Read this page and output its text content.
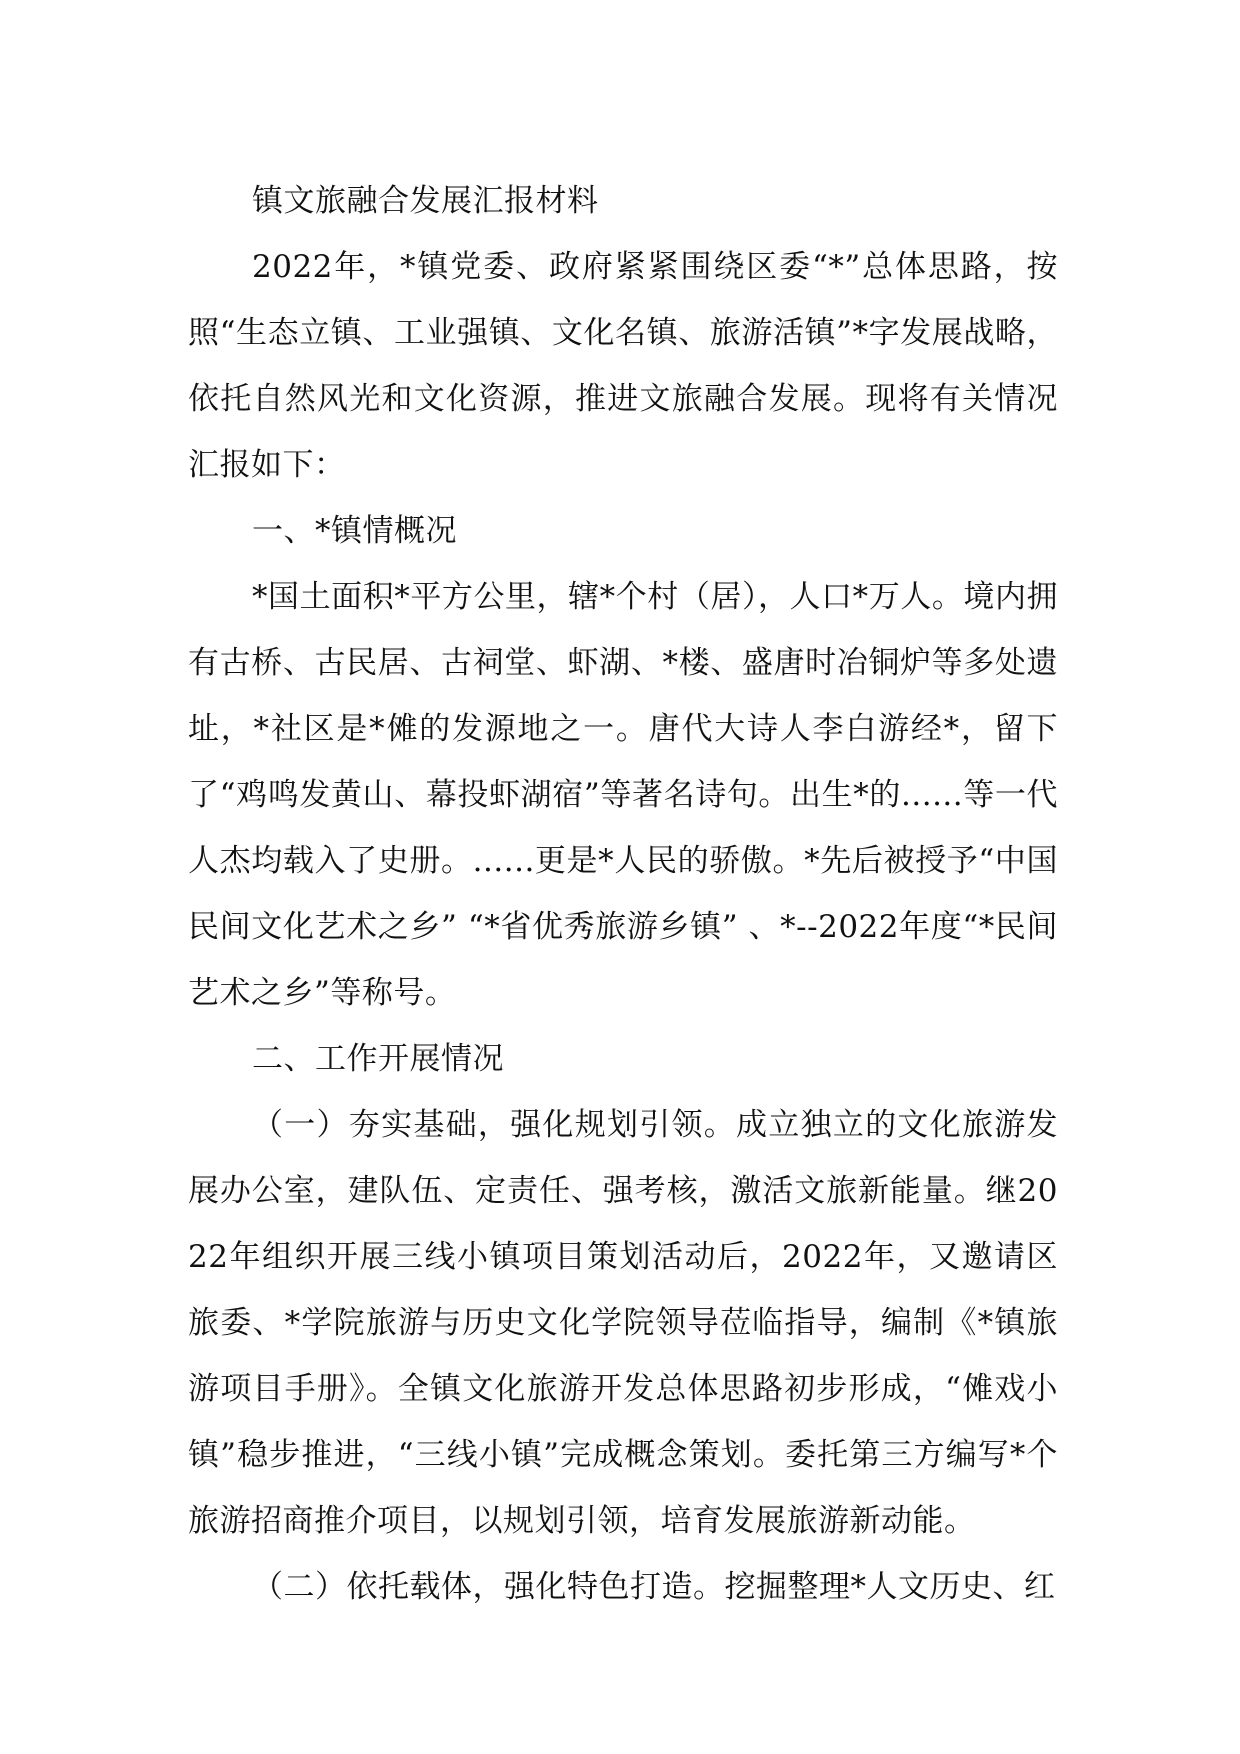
镇文旅融合发展汇报材料

2022年，*镇党委、政府紧紧围绕区委“*”总体思路，按照“生态立镇、工业强镇、文化名镇、旅游活镇”*字发展战略，依托自然风光和文化资源，推进文旅融合发展。现将有关情况汇报如下：

一、*镇情概况

*国土面积*平方公里，辖*个村（居），人口*万人。境内拥有古桥、古民居、古祠堂、虾湖、*楼、盛唐时冶铜炉等多处遗址，*社区是*傩的发源地之一。唐代大诗人李白游经*，留下了“鸡鸣发黄山、幕投虾湖宿”等著名诗句。出生*的......等一代人杰均载入了史册。......更是*人民的骄傲。*先后被授予“中国民间文化艺术之乡” “*省优秀旅游乡镇” 、*--2022年度“*民间艺术之乡”等称号。

二、工作开展情况

（一）夯实基础，强化规划引领。成立独立的文化旅游发展办公室，建队伍、定责任、强考核，激活文旅新能量。继2022年组织开展三线小镇项目策划活动后，2022年，又邀请区旅委、*学院旅游与历史文化学院领导莅临指导，编制《*镇旅游项目手册》。全镇文化旅游开发总体思路初步形成，“傩戏小镇”稳步推进，“三线小镇”完成概念策划。委托第三方编写*个旅游招商推介项目，以规划引领，培育发展旅游新动能。

（二）依托载体，强化特色打造。挖掘整理*人文历史、红
